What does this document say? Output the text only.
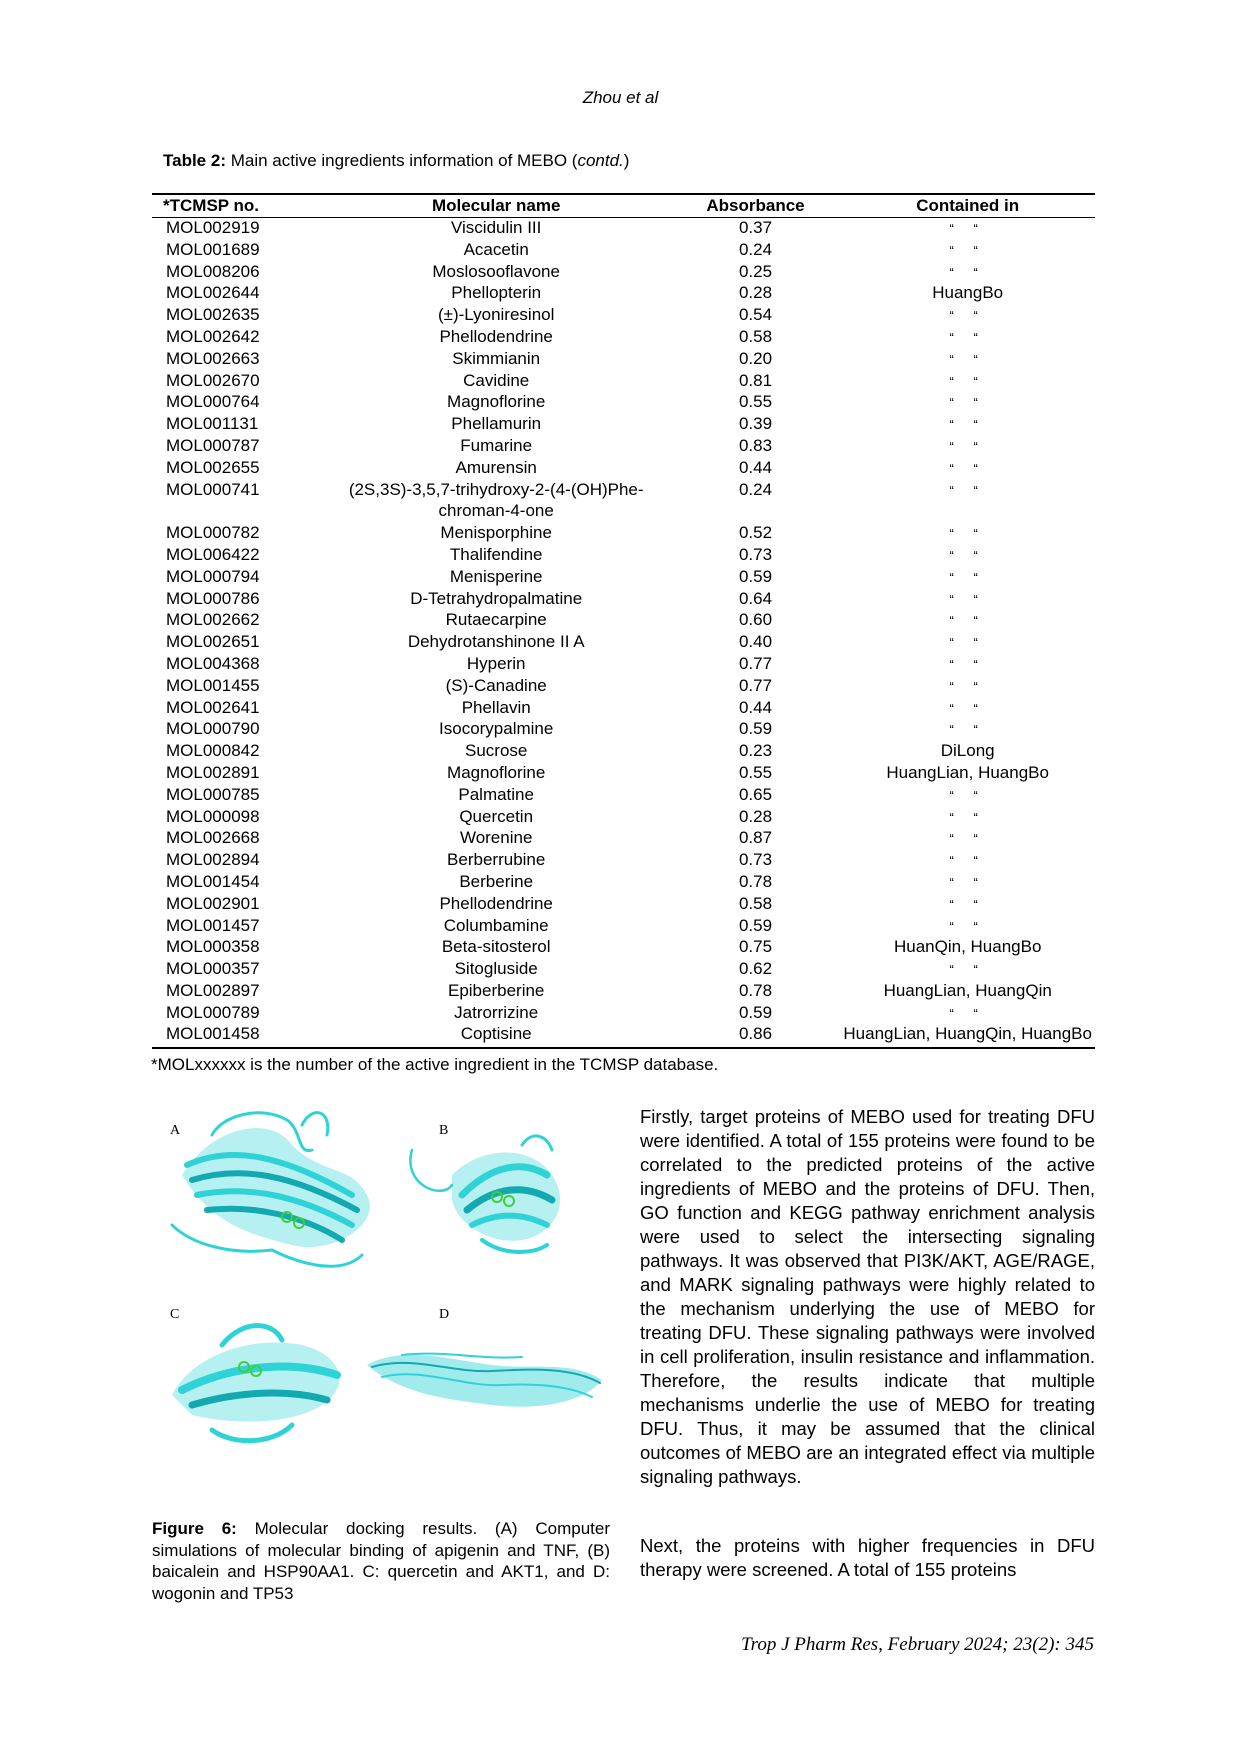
Zhou et al
Table 2: Main active ingredients information of MEBO (contd.)
*TCMSP no.	Molecular name	Absorbance	Contained in
MOL002919	Viscidulin III	0.37	“ “
MOL001689	Acacetin	0.24	“ “
MOL008206	Moslosooflavone	0.25	“ “
MOL002644	Phellopterin	0.28	HuangBo
MOL002635	(±)-Lyoniresinol	0.54	“ “
MOL002642	Phellodendrine	0.58	“ “
MOL002663	Skimmianin	0.20	“ “
MOL002670	Cavidine	0.81	“ “
MOL000764	Magnoflorine	0.55	“ “
MOL001131	Phellamurin	0.39	“ “
MOL000787	Fumarine	0.83	“ “
MOL002655	Amurensin	0.44	“ “
MOL000741	(2S,3S)-3,5,7-trihydroxy-2-(4-(OH)Phe-chroman-4-one	0.24	“ “
MOL000782	Menisporphine	0.52	“ “
MOL006422	Thalifendine	0.73	“ “
MOL000794	Menisperine	0.59	“ “
MOL000786	D-Tetrahydropalmatine	0.64	“ “
MOL002662	Rutaecarpine	0.60	“ “
MOL002651	Dehydrotanshinone II A	0.40	“ “
MOL004368	Hyperin	0.77	“ “
MOL001455	(S)-Canadine	0.77	“ “
MOL002641	Phellavin	0.44	“ “
MOL000790	Isocorypalmine	0.59	“ “
MOL000842	Sucrose	0.23	DiLong
MOL002891	Magnoflorine	0.55	HuangLian, HuangBo
MOL000785	Palmatine	0.65	“ “
MOL000098	Quercetin	0.28	“ “
MOL002668	Worenine	0.87	“ “
MOL002894	Berberrubine	0.73	“ “
MOL001454	Berberine	0.78	“ “
MOL002901	Phellodendrine	0.58	“ “
MOL001457	Columbamine	0.59	“ “
MOL000358	Beta-sitosterol	0.75	HuanQin, HuangBo
MOL000357	Sitogluside	0.62	“ “
MOL002897	Epiberberine	0.78	HuangLian, HuangQin
MOL000789	Jatrorrizine	0.59	“ “
MOL001458	Coptisine	0.86	HuangLian, HuangQin, HuangBo
*MOLxxxxxx is the number of the active ingredient in the TCMSP database.
A	B
C	D
Figure 6: Molecular docking results. (A) Computer simulations of molecular binding of apigenin and TNF, (B) baicalein and HSP90AA1. C: quercetin and AKT1, and D: wogonin and TP53
Firstly, target proteins of MEBO used for treating DFU were identified. A total of 155 proteins were found to be correlated to the predicted proteins of the active ingredients of MEBO and the proteins of DFU. Then, GO function and KEGG pathway enrichment analysis were used to select the intersecting signaling pathways. It was observed that PI3K/AKT, AGE/RAGE, and MARK signaling pathways were highly related to the mechanism underlying the use of MEBO for treating DFU. These signaling pathways were involved in cell proliferation, insulin resistance and inflammation. Therefore, the results indicate that multiple mechanisms underlie the use of MEBO for treating DFU. Thus, it may be assumed that the clinical outcomes of MEBO are an integrated effect via multiple signaling pathways.
Next, the proteins with higher frequencies in DFU therapy were screened. A total of 155 proteins
Trop J Pharm Res, February 2024; 23(2): 345
